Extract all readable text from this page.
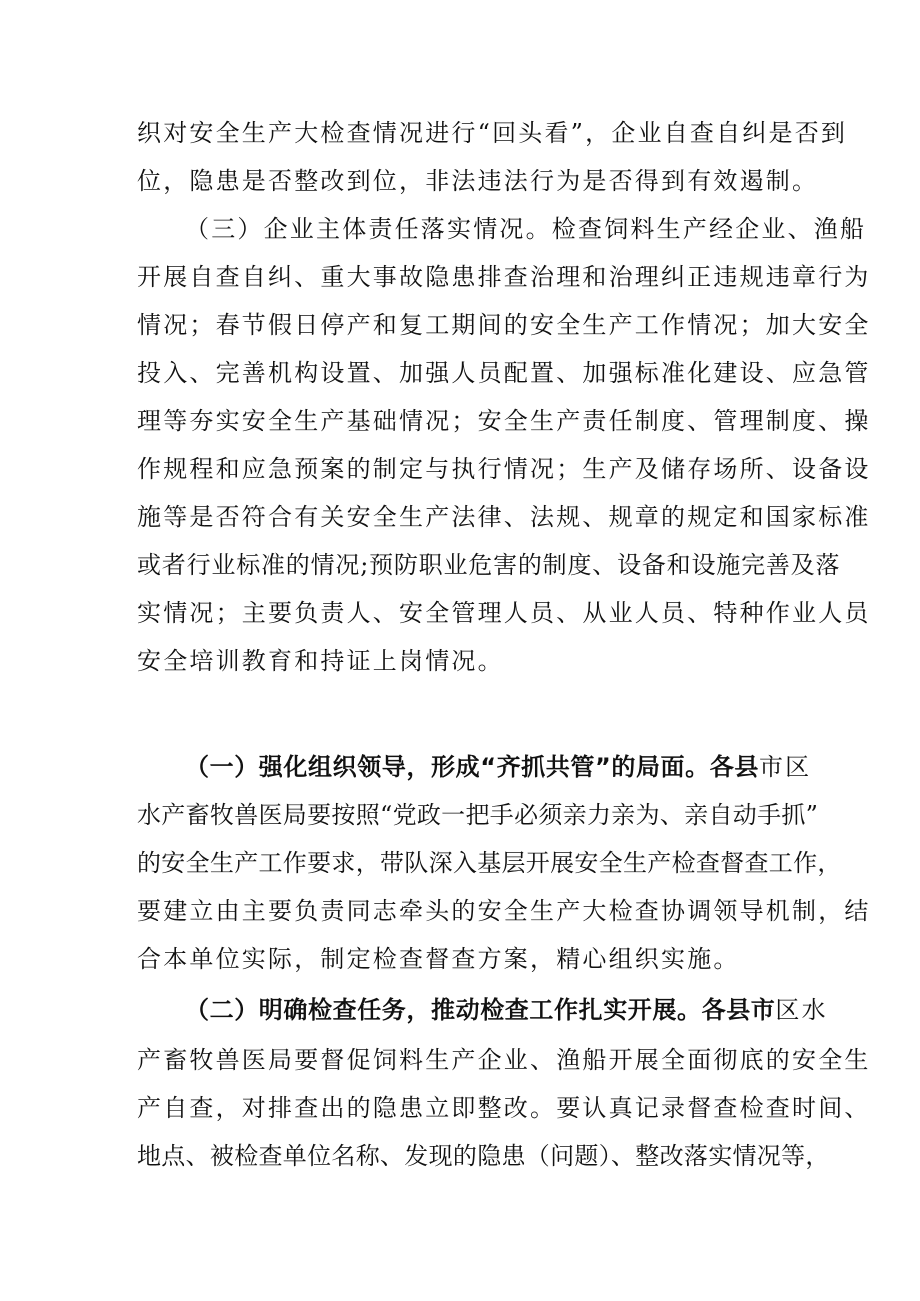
织对安全生产大检查情况进行“回头看”，企业自查自纠是否到
位，隐患是否整改到位，非法违法行为是否得到有效遏制。
（三）企业主体责任落实情况。检查饲料生产经企业、渔船
开展自查自纠、重大事故隐患排查治理和治理纠正违规违章行为
情况；春节假日停产和复工期间的安全生产工作情况；加大安全
投入、完善机构设置、加强人员配置、加强标准化建设、应急管
理等夯实安全生产基础情况；安全生产责任制度、管理制度、操
作规程和应急预案的制定与执行情况；生产及储存场所、设备设
施等是否符合有关安全生产法律、法规、规章的规定和国家标准
或者行业标准的情况;预防职业危害的制度、设备和设施完善及落
实情况；主要负责人、安全管理人员、从业人员、特种作业人员
安全培训教育和持证上岗情况。
（一）强化组织领导，形成“齐抓共管”的局面。各县市区
水产畜牧兽医局要按照“党政一把手必须亲力亲为、亲自动手抓”
的安全生产工作要求，带队深入基层开展安全生产检查督查工作，
要建立由主要负责同志牵头的安全生产大检查协调领导机制，结
合本单位实际，制定检查督查方案，精心组织实施。
（二）明确检查任务，推动检查工作扎实开展。各县市区水
产畜牧兽医局要督促饲料生产企业、渔船开展全面彻底的安全生
产自查，对排查出的隐患立即整改。要认真记录督查检查时间、
地点、被检查单位名称、发现的隐患（问题）、整改落实情况等，
